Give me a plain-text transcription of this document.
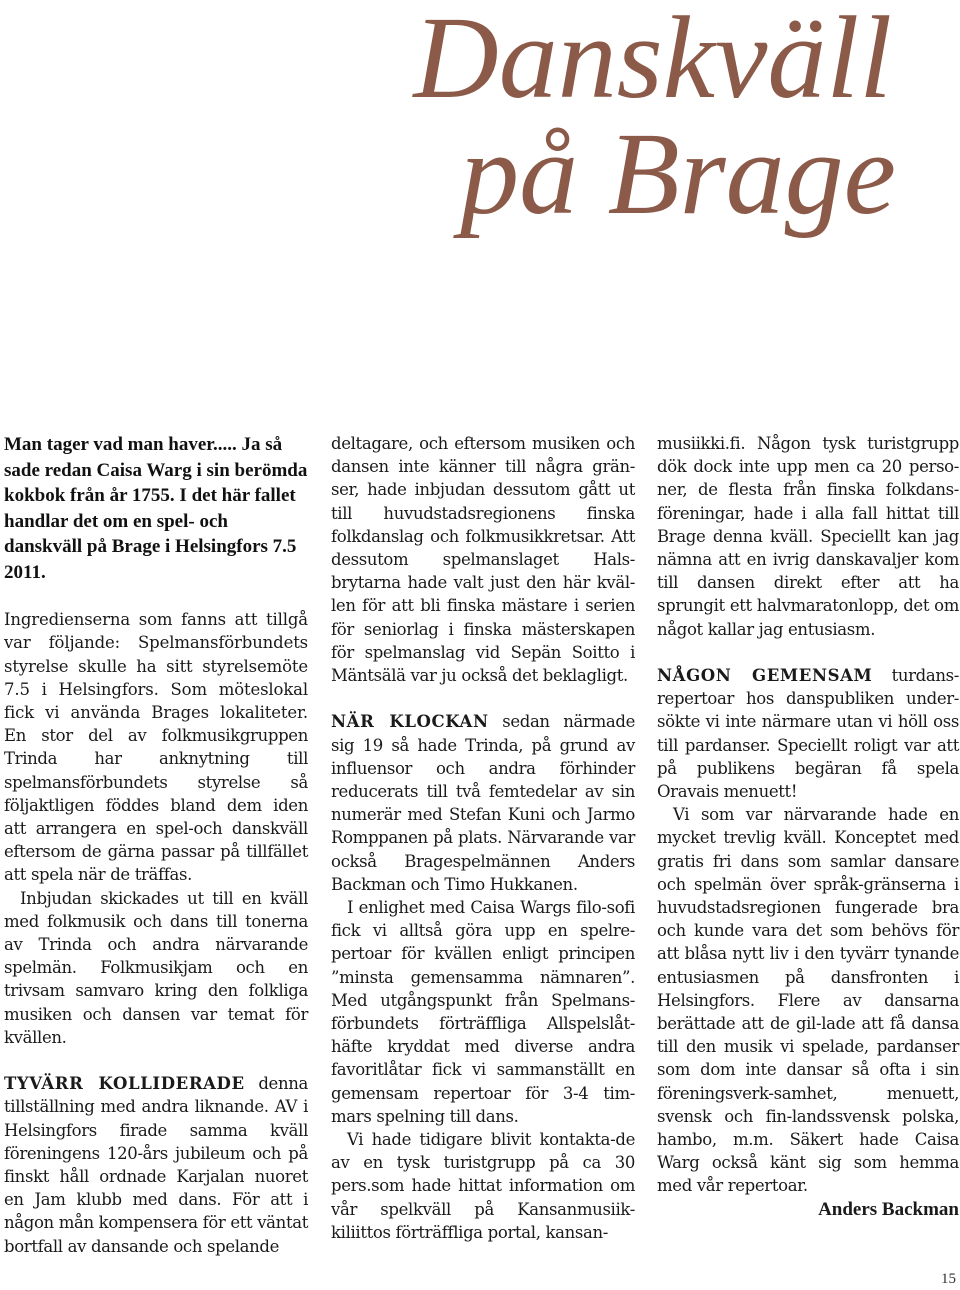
Danskväll
på Brage

Man tager vad man haver..... Ja så sade redan Caisa Warg i sin berömda kokbok från år 1755. I det här fallet handlar det om en spel- och danskväll på Brage i Helsingfors 7.5 2011.

Ingredienserna som fanns att tillgå var följande: Spelmansförbundets styrelse skulle ha sitt styrelsemöte 7.5 i Helsingfors. Som möteslokal fick vi använda Brages lokaliteter. En stor del av folkmusikgruppen Trinda har anknytning till spelmansförbundets styrelse så följaktligen föddes bland dem iden att arrangera en spel-och danskväll eftersom de gärna passar på tillfället att spela när de träffas.

Inbjudan skickades ut till en kväll med folkmusik och dans till tonerna av Trinda och andra närvarande spelmän. Folkmusikjam och en trivsam samvaro kring den folkliga musiken och dansen var temat för kvällen.

TYVÄRR KOLLIDERADE denna tillställning med andra liknande. AV i Helsingfors firade samma kväll föreningens 120-års jubileum och på finskt håll ordnade Karjalan nuoret en Jam klubb med dans. För att i någon mån kompensera för ett väntat bortfall av dansande och spelande

deltagare, och eftersom musiken och dansen inte känner till några grän-ser, hade inbjudan dessutom gått ut till huvudstadsregionens finska folkdanslag och folkmusikkretsar. Att dessutom spelmanslaget Hals-brytarna hade valt just den här kväl-len för att bli finska mästare i serien för seniorlag i finska mästerskapen för spelmanslag vid Sepän Soitto i Mäntsälä var ju också det beklagligt.

NÄR KLOCKAN sedan närmade sig 19 så hade Trinda, på grund av influensor och andra förhinder reducerats till två femtedelar av sin numerär med Stefan Kuni och Jarmo Romppanen på plats. Närvarande var också Bragespelmännen Anders Backman och Timo Hukkanen.

I enlighet med Caisa Wargs filo-sofi fick vi alltså göra upp en spelre-pertoar för kvällen enligt principen ”minsta gemensamma nämnaren”. Med utgångspunkt från Spelmans-förbundets förträffliga Allspelslåt-häfte kryddat med diverse andra favoritlåtar fick vi sammanställt en gemensam repertoar för 3-4 tim-mars spelning till dans.

Vi hade tidigare blivit kontakta-de av en tysk turistgrupp på ca 30 pers.som hade hittat information om vår spelkväll på Kansanmusiik-kiliittos förträffliga portal, kansan-

musiikki.fi. Någon tysk turistgrupp dök dock inte upp men ca 20 perso-ner, de flesta från finska folkdans-föreningar, hade i alla fall hittat till Brage denna kväll. Speciellt kan jag nämna att en ivrig danskavaljer kom till dansen direkt efter att ha sprungit ett halvmaratonlopp, det om något kallar jag entusiasm.

NÅGON GEMENSAM turdans-repertoar hos danspubliken under-sökte vi inte närmare utan vi höll oss till pardanser. Speciellt roligt var att på publikens begäran få spela Oravais menuett!

Vi som var närvarande hade en mycket trevlig kväll. Konceptet med gratis fri dans som samlar dansare och spelmän över språk-gränserna i huvudstadsregionen fungerade bra och kunde vara det som behövs för att blåsa nytt liv i den tyvärr tynande entusiasmen på dansfronten i Helsingfors. Flere av dansarna berättade att de gil-lade att få dansa till den musik vi spelade, pardanser som dom inte dansar så ofta i sin föreningsverk-samhet, menuett, svensk och fin-landssvensk polska, hambo, m.m. Säkert hade Caisa Warg också känt sig som hemma med vår repertoar.

Anders Backman

15
